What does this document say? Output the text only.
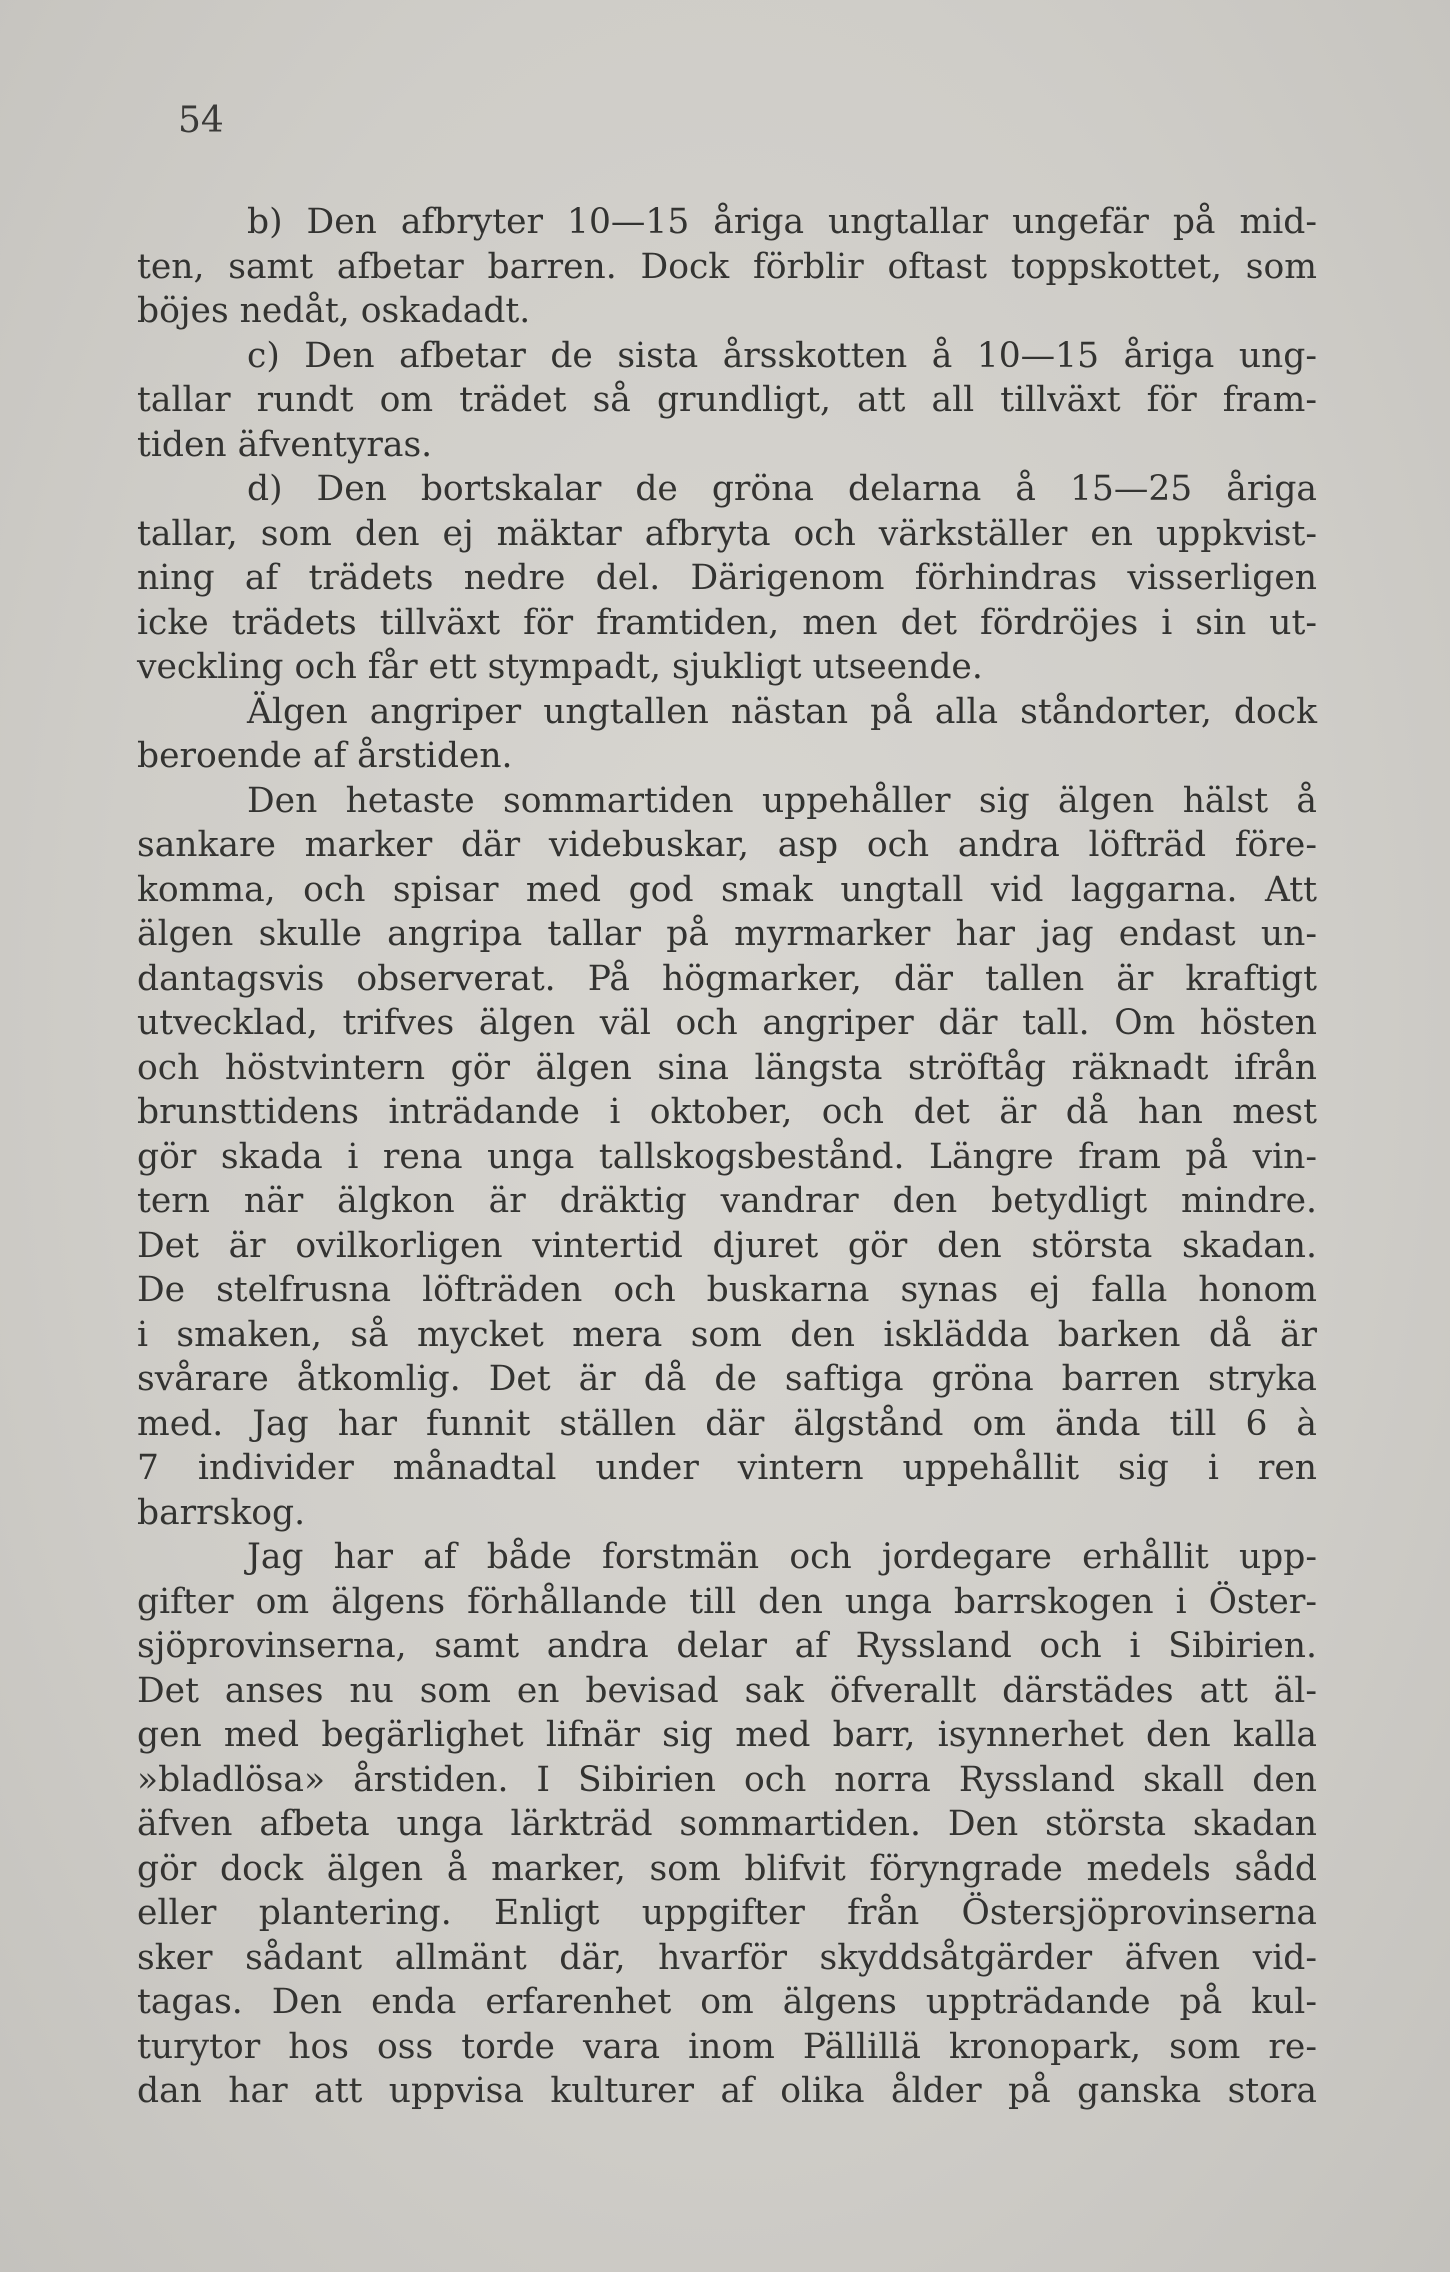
54
b) Den afbryter 10—15 åriga ungtallar ungefär på mid-
ten, samt afbetar barren. Dock förblir oftast toppskottet, som
böjes nedåt, oskadadt.
c) Den afbetar de sista årsskotten å 10—15 åriga ung-
tallar rundt om trädet så grundligt, att all tillväxt för fram-
tiden äfventyras.
d) Den bortskalar de gröna delarna å 15—25 åriga
tallar, som den ej mäktar afbryta och värkställer en uppkvist-
ning af trädets nedre del. Därigenom förhindras visserligen
icke trädets tillväxt för framtiden, men det fördröjes i sin ut-
veckling och får ett stympadt, sjukligt utseende.
Älgen angriper ungtallen nästan på alla ståndorter, dock
beroende af årstiden.
Den hetaste sommartiden uppehåller sig älgen hälst å
sankare marker där videbuskar, asp och andra löfträd före-
komma, och spisar med god smak ungtall vid laggarna. Att
älgen skulle angripa tallar på myrmarker har jag endast un-
dantagsvis observerat. På högmarker, där tallen är kraftigt
utvecklad, trifves älgen väl och angriper där tall. Om hösten
och höstvintern gör älgen sina längsta ströftåg räknadt ifrån
brunsttidens inträdande i oktober, och det är då han mest
gör skada i rena unga tallskogsbestånd. Längre fram på vin-
tern när älgkon är dräktig vandrar den betydligt mindre.
Det är ovilkorligen vintertid djuret gör den största skadan.
De stelfrusna löfträden och buskarna synas ej falla honom
i smaken, så mycket mera som den isklädda barken då är
svårare åtkomlig. Det är då de saftiga gröna barren stryka
med. Jag har funnit ställen där älgstånd om ända till 6 à
7 individer månadtal under vintern uppehållit sig i ren
barrskog.
Jag har af både forstmän och jordegare erhållit upp-
gifter om älgens förhållande till den unga barrskogen i Öster-
sjöprovinserna, samt andra delar af Ryssland och i Sibirien.
Det anses nu som en bevisad sak öfverallt därstädes att äl-
gen med begärlighet lifnär sig med barr, isynnerhet den kalla
»bladlösa» årstiden. I Sibirien och norra Ryssland skall den
äfven afbeta unga lärkträd sommartiden. Den största skadan
gör dock älgen å marker, som blifvit föryngrade medels sådd
eller plantering. Enligt uppgifter från Östersjöprovinserna
sker sådant allmänt där, hvarför skyddsåtgärder äfven vid-
tagas. Den enda erfarenhet om älgens uppträdande på kul-
turytor hos oss torde vara inom Pällillä kronopark, som re-
dan har att uppvisa kulturer af olika ålder på ganska stora
